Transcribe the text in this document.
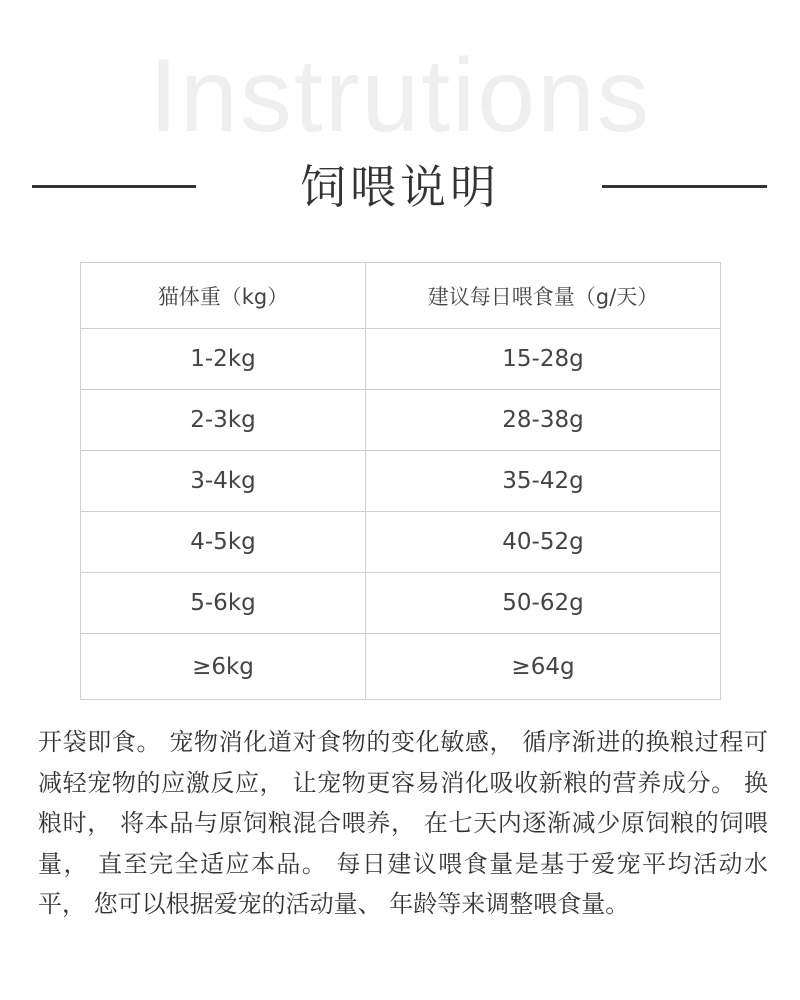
Instrutions
饲喂说明
猫体重（kg）	建议每日喂食量（g/天）
1-2kg	15-28g
2-3kg	28-38g
3-4kg	35-42g
4-5kg	40-52g
5-6kg	50-62g
≥6kg	≥64g

开袋即食。 宠物消化道对食物的变化敏感， 循序渐进的换粮过程可减轻宠物的应激反应， 让宠物更容易消化吸收新粮的营养成分。 换粮时， 将本品与原饲粮混合喂养， 在七天内逐渐减少原饲粮的饲喂量， 直至完全适应本品。 每日建议喂食量是基于爱宠平均活动水平， 您可以根据爱宠的活动量、 年龄等来调整喂食量。
